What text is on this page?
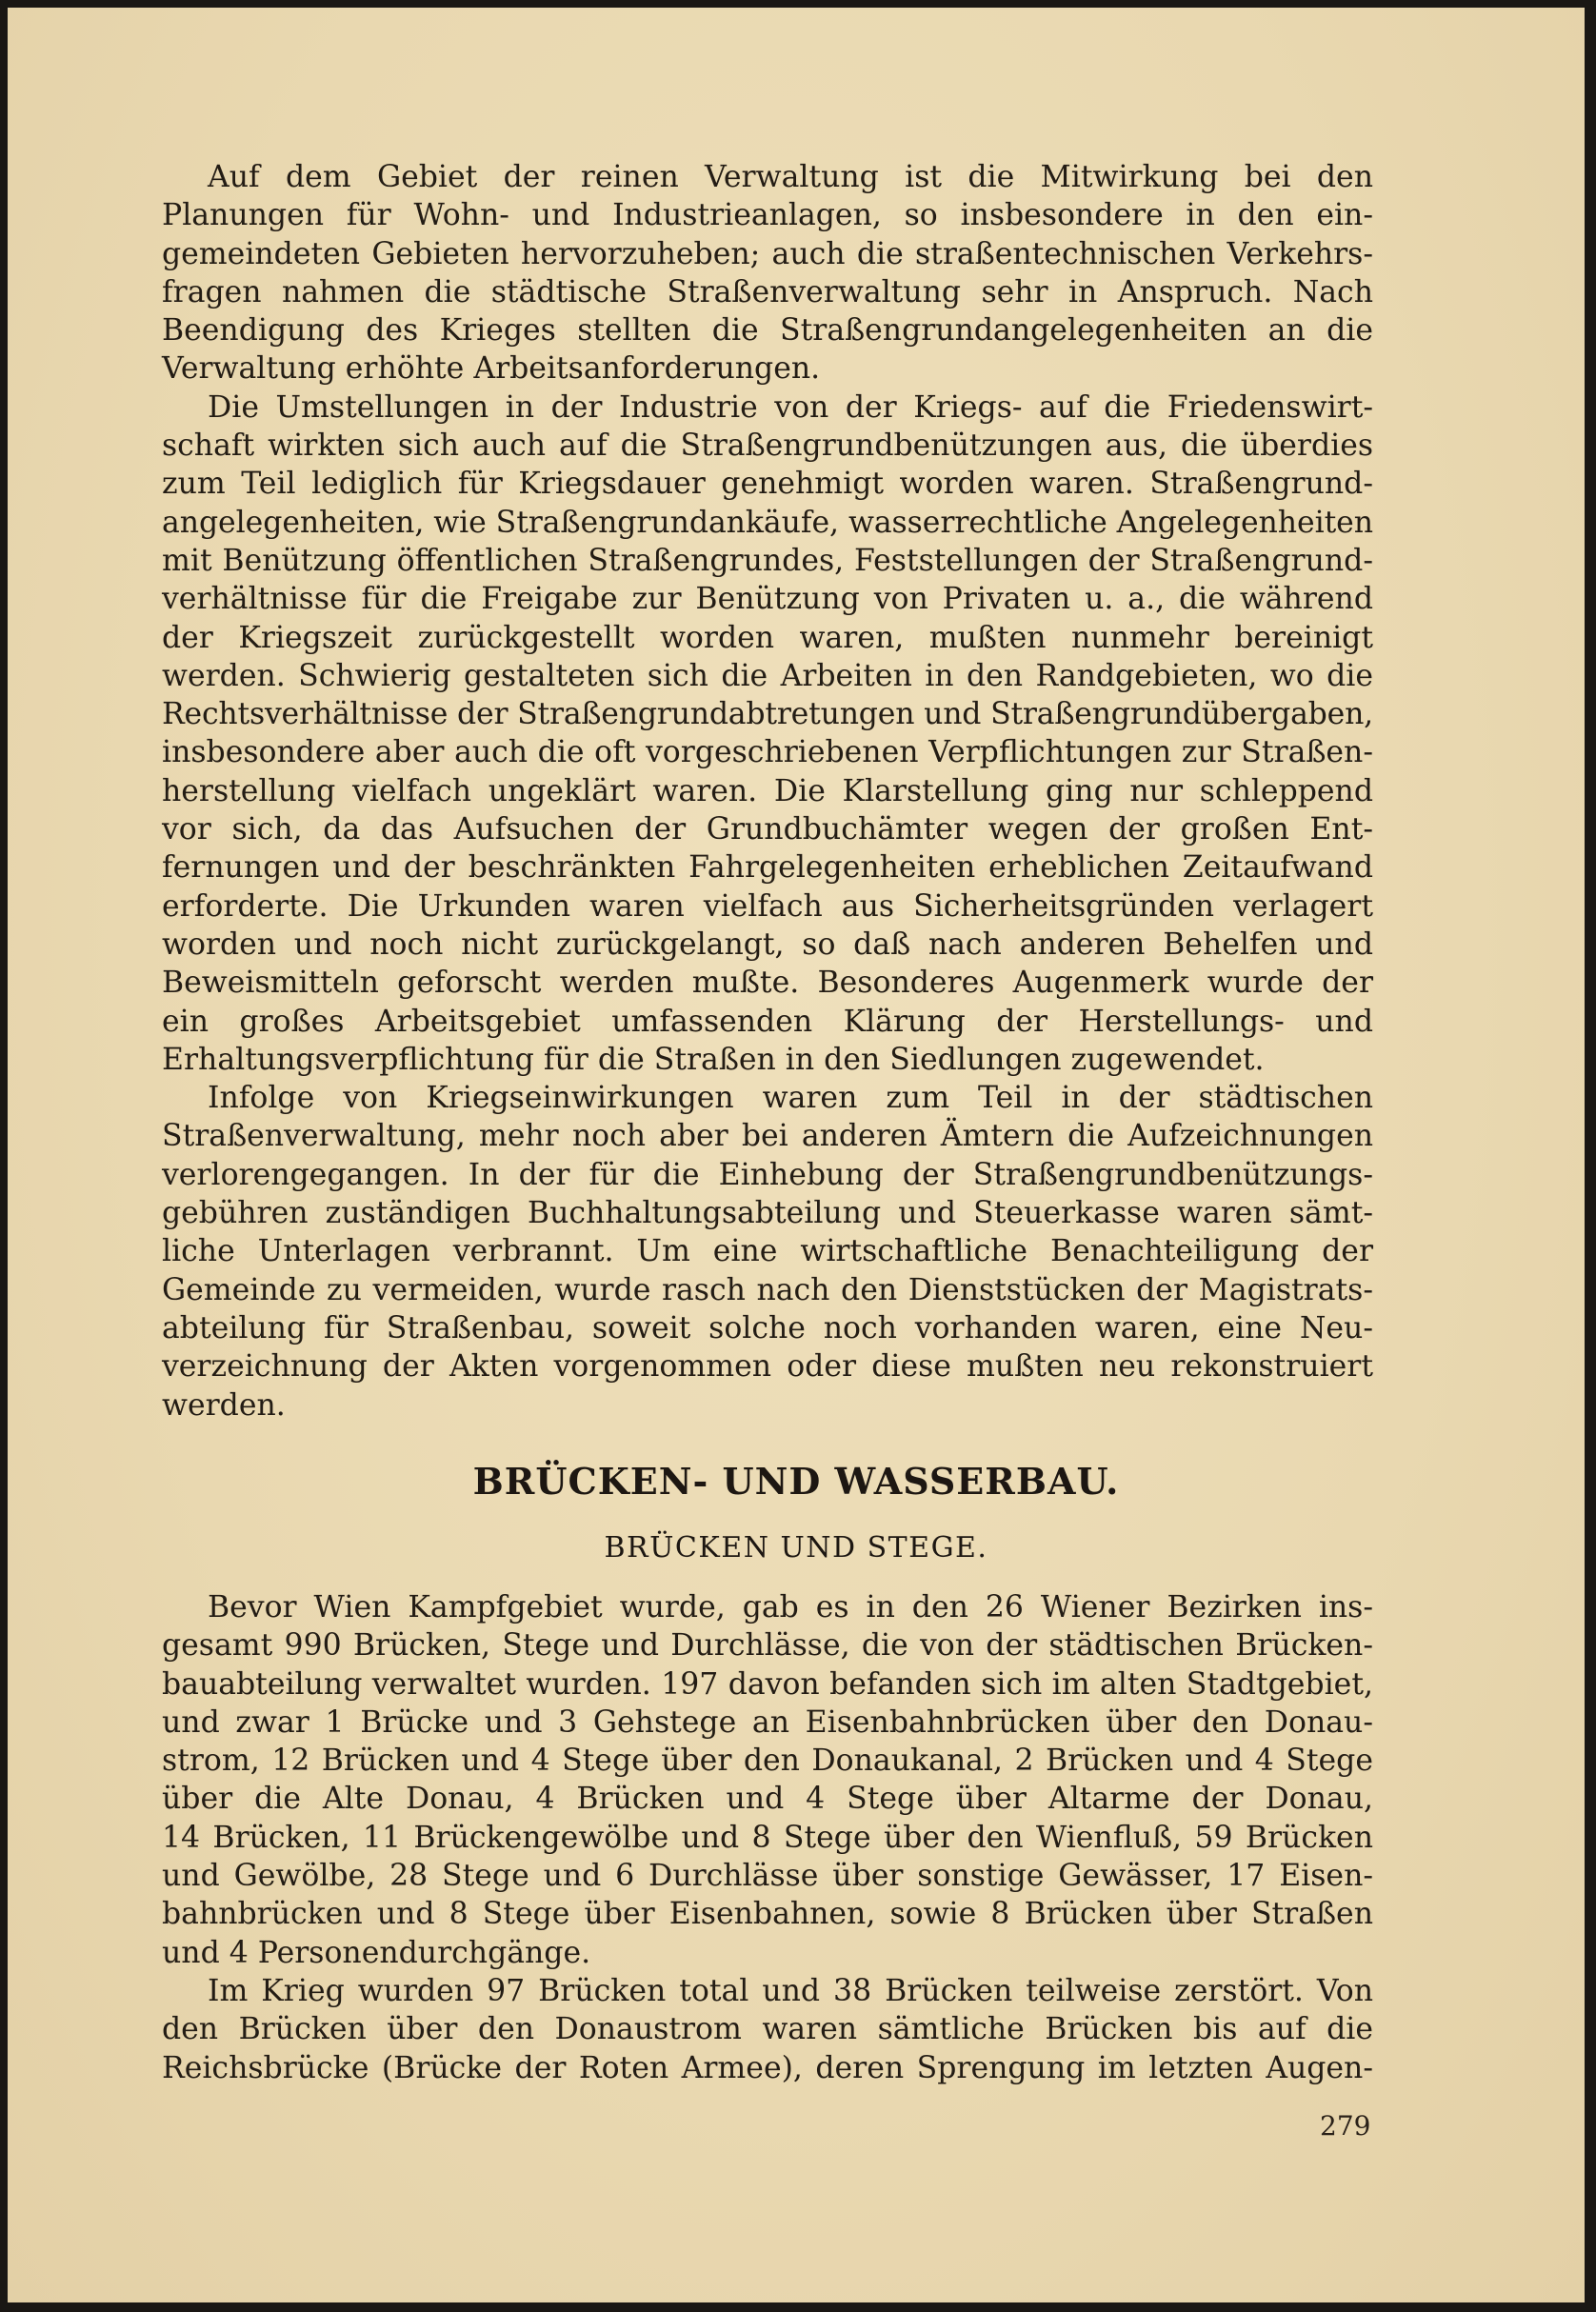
Auf dem Gebiet der reinen Verwaltung ist die Mitwirkung bei den
Planungen für Wohn- und Industrieanlagen, so insbesondere in den ein-
gemeindeten Gebieten hervorzuheben; auch die straßentechnischen Verkehrs-
fragen nahmen die städtische Straßenverwaltung sehr in Anspruch. Nach
Beendigung des Krieges stellten die Straßengrundangelegenheiten an die
Verwaltung erhöhte Arbeitsanforderungen.
Die Umstellungen in der Industrie von der Kriegs- auf die Friedenswirt-
schaft wirkten sich auch auf die Straßengrundbenützungen aus, die überdies
zum Teil lediglich für Kriegsdauer genehmigt worden waren. Straßengrund-
angelegenheiten, wie Straßengrundankäufe, wasserrechtliche Angelegenheiten
mit Benützung öffentlichen Straßengrundes, Feststellungen der Straßengrund-
verhältnisse für die Freigabe zur Benützung von Privaten u. a., die während
der Kriegszeit zurückgestellt worden waren, mußten nunmehr bereinigt
werden. Schwierig gestalteten sich die Arbeiten in den Randgebieten, wo die
Rechtsverhältnisse der Straßengrundabtretungen und Straßengrundübergaben,
insbesondere aber auch die oft vorgeschriebenen Verpflichtungen zur Straßen-
herstellung vielfach ungeklärt waren. Die Klarstellung ging nur schleppend
vor sich, da das Aufsuchen der Grundbuchämter wegen der großen Ent-
fernungen und der beschränkten Fahrgelegenheiten erheblichen Zeitaufwand
erforderte. Die Urkunden waren vielfach aus Sicherheitsgründen verlagert
worden und noch nicht zurückgelangt, so daß nach anderen Behelfen und
Beweismitteln geforscht werden mußte. Besonderes Augenmerk wurde der
ein großes Arbeitsgebiet umfassenden Klärung der Herstellungs- und
Erhaltungsverpflichtung für die Straßen in den Siedlungen zugewendet.
Infolge von Kriegseinwirkungen waren zum Teil in der städtischen
Straßenverwaltung, mehr noch aber bei anderen Ämtern die Aufzeichnungen
verlorengegangen. In der für die Einhebung der Straßengrundbenützungs-
gebühren zuständigen Buchhaltungsabteilung und Steuerkasse waren sämt-
liche Unterlagen verbrannt. Um eine wirtschaftliche Benachteiligung der
Gemeinde zu vermeiden, wurde rasch nach den Dienststücken der Magistrats-
abteilung für Straßenbau, soweit solche noch vorhanden waren, eine Neu-
verzeichnung der Akten vorgenommen oder diese mußten neu rekonstruiert
werden.
BRÜCKEN- UND WASSERBAU.
BRÜCKEN UND STEGE.
Bevor Wien Kampfgebiet wurde, gab es in den 26 Wiener Bezirken ins-
gesamt 990 Brücken, Stege und Durchlässe, die von der städtischen Brücken-
bauabteilung verwaltet wurden. 197 davon befanden sich im alten Stadtgebiet,
und zwar 1 Brücke und 3 Gehstege an Eisenbahnbrücken über den Donau-
strom, 12 Brücken und 4 Stege über den Donaukanal, 2 Brücken und 4 Stege
über die Alte Donau, 4 Brücken und 4 Stege über Altarme der Donau,
14 Brücken, 11 Brückengewölbe und 8 Stege über den Wienfluß, 59 Brücken
und Gewölbe, 28 Stege und 6 Durchlässe über sonstige Gewässer, 17 Eisen-
bahnbrücken und 8 Stege über Eisenbahnen, sowie 8 Brücken über Straßen
und 4 Personendurchgänge.
Im Krieg wurden 97 Brücken total und 38 Brücken teilweise zerstört. Von
den Brücken über den Donaustrom waren sämtliche Brücken bis auf die
Reichsbrücke (Brücke der Roten Armee), deren Sprengung im letzten Augen-
279
